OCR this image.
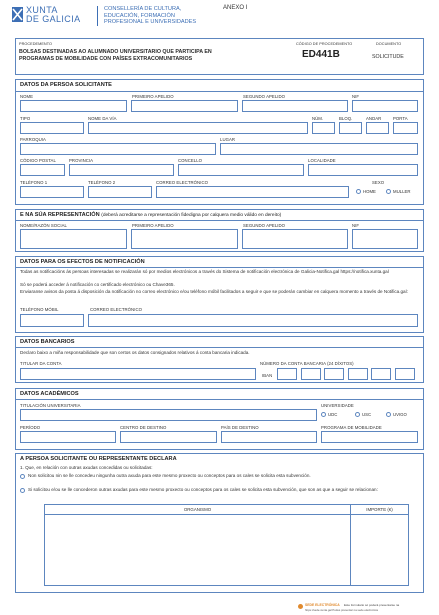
XUNTA
DE GALICIA
CONSELLERÍA DE CULTURA,
EDUCACIÓN, FORMACIÓN
PROFESIONAL E UNIVERSIDADES
ANEXO I
PROCEDEMENTO
BOLSAS DESTINADAS AO ALUMNADO UNIVERSITARIO QUE PARTICIPA EN
PROGRAMAS DE MOBILIDADE CON PAÍSES EXTRACOMUNITARIOS
CÓDIGO DE PROCEDEMENTO
ED441B
DOCUMENTO
SOLICITUDE
DATOS DA PERSOA SOLICITANTE
NOME	PRIMEIRO APELIDO	SEGUNDO APELIDO	NIF
TIPO	NOME DA VÍA	NÚM.	BLOQ.	ANDAR	PORTA
PARROQUIA	LUGAR
CÓDIGO POSTAL	PROVINCIA	CONCELLO	LOCALIDADE
TELÉFONO 1	TELÉFONO 2	CORREO ELECTRÓNICO	SEXO
HOME	MULLER
E NA SÚA REPRESENTACIÓN (deberá acreditarse a representación fidedigna por calquera medio válido en dereito)
NOME/RAZÓN SOCIAL	PRIMEIRO APELIDO	SEGUNDO APELIDO	NIF
DATOS PARA OS EFECTOS DE NOTIFICACIÓN
Todas as notificacións ás persoas interesadas se realizarán só por medios electrónicos a través do Sistema de notificación electrónica de Galicia-Notifica.gal https://notifica.xunta.gal
Só se poderá acceder á notificación co certificado electrónico ou Chave365.
Enviaranse avisos da posta á disposición da notificación no correo electrónico e/ou teléfono móbil facilitados a seguir e que se poderán cambiar en calquera momento a través de Notifica.gal:
TELÉFONO MÓBIL	CORREO ELECTRÓNICO
DATOS BANCARIOS
Declaro baixo a miña responsabilidade que son certos os datos consignados relativos á conta bancaria indicada.
TITULAR DA CONTA	NÚMERO DA CONTA BANCARIA (24 DÍXITOS)
IBAN
DATOS ACADÉMICOS
TITULACIÓN UNIVERSITARIA	UNIVERSIDADE
UDC	USC	UVIGO
PERÍODO	CENTRO DE DESTINO	PAÍS DE DESTINO	PROGRAMA DE MOBILIDADE
A PERSOA SOLICITANTE OU REPRESENTANTE DECLARA
1. Que, en relación con outras axudas concedidas ou solicitadas:
Non solicitou nin se lle concedeu ningunha outra axuda para este mesmo proxecto ou conceptos para os cales se solicita esta subvención.
Si solicitou e/ou se lle concederon outras axudas para este mesmo proxecto ou conceptos para os cales se solicita esta subvención, que son as que a seguir se relacionan:
ORGANISMO	IMPORTE (€)
SEDE ELECTRÓNICA Este formulario só poderá presentarse na
https://sede.xunta.gal Podes presentar na sede electrónica
